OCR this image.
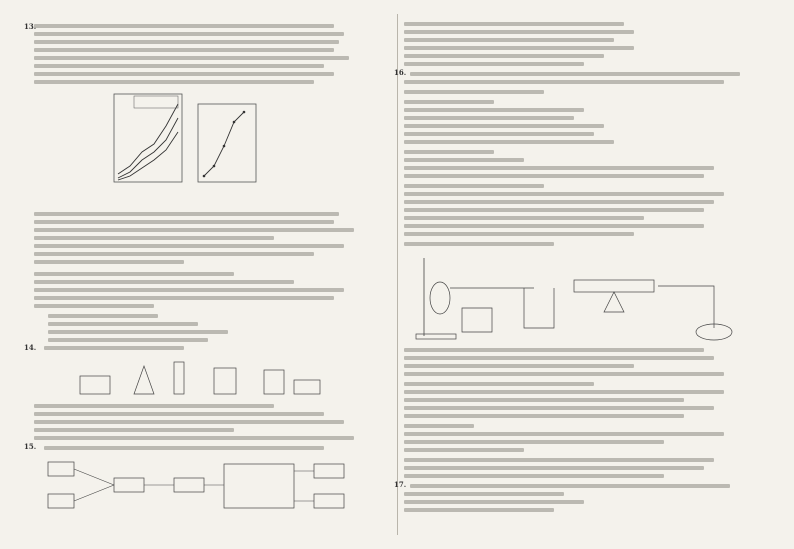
14.
15.
16.
17.
13.
